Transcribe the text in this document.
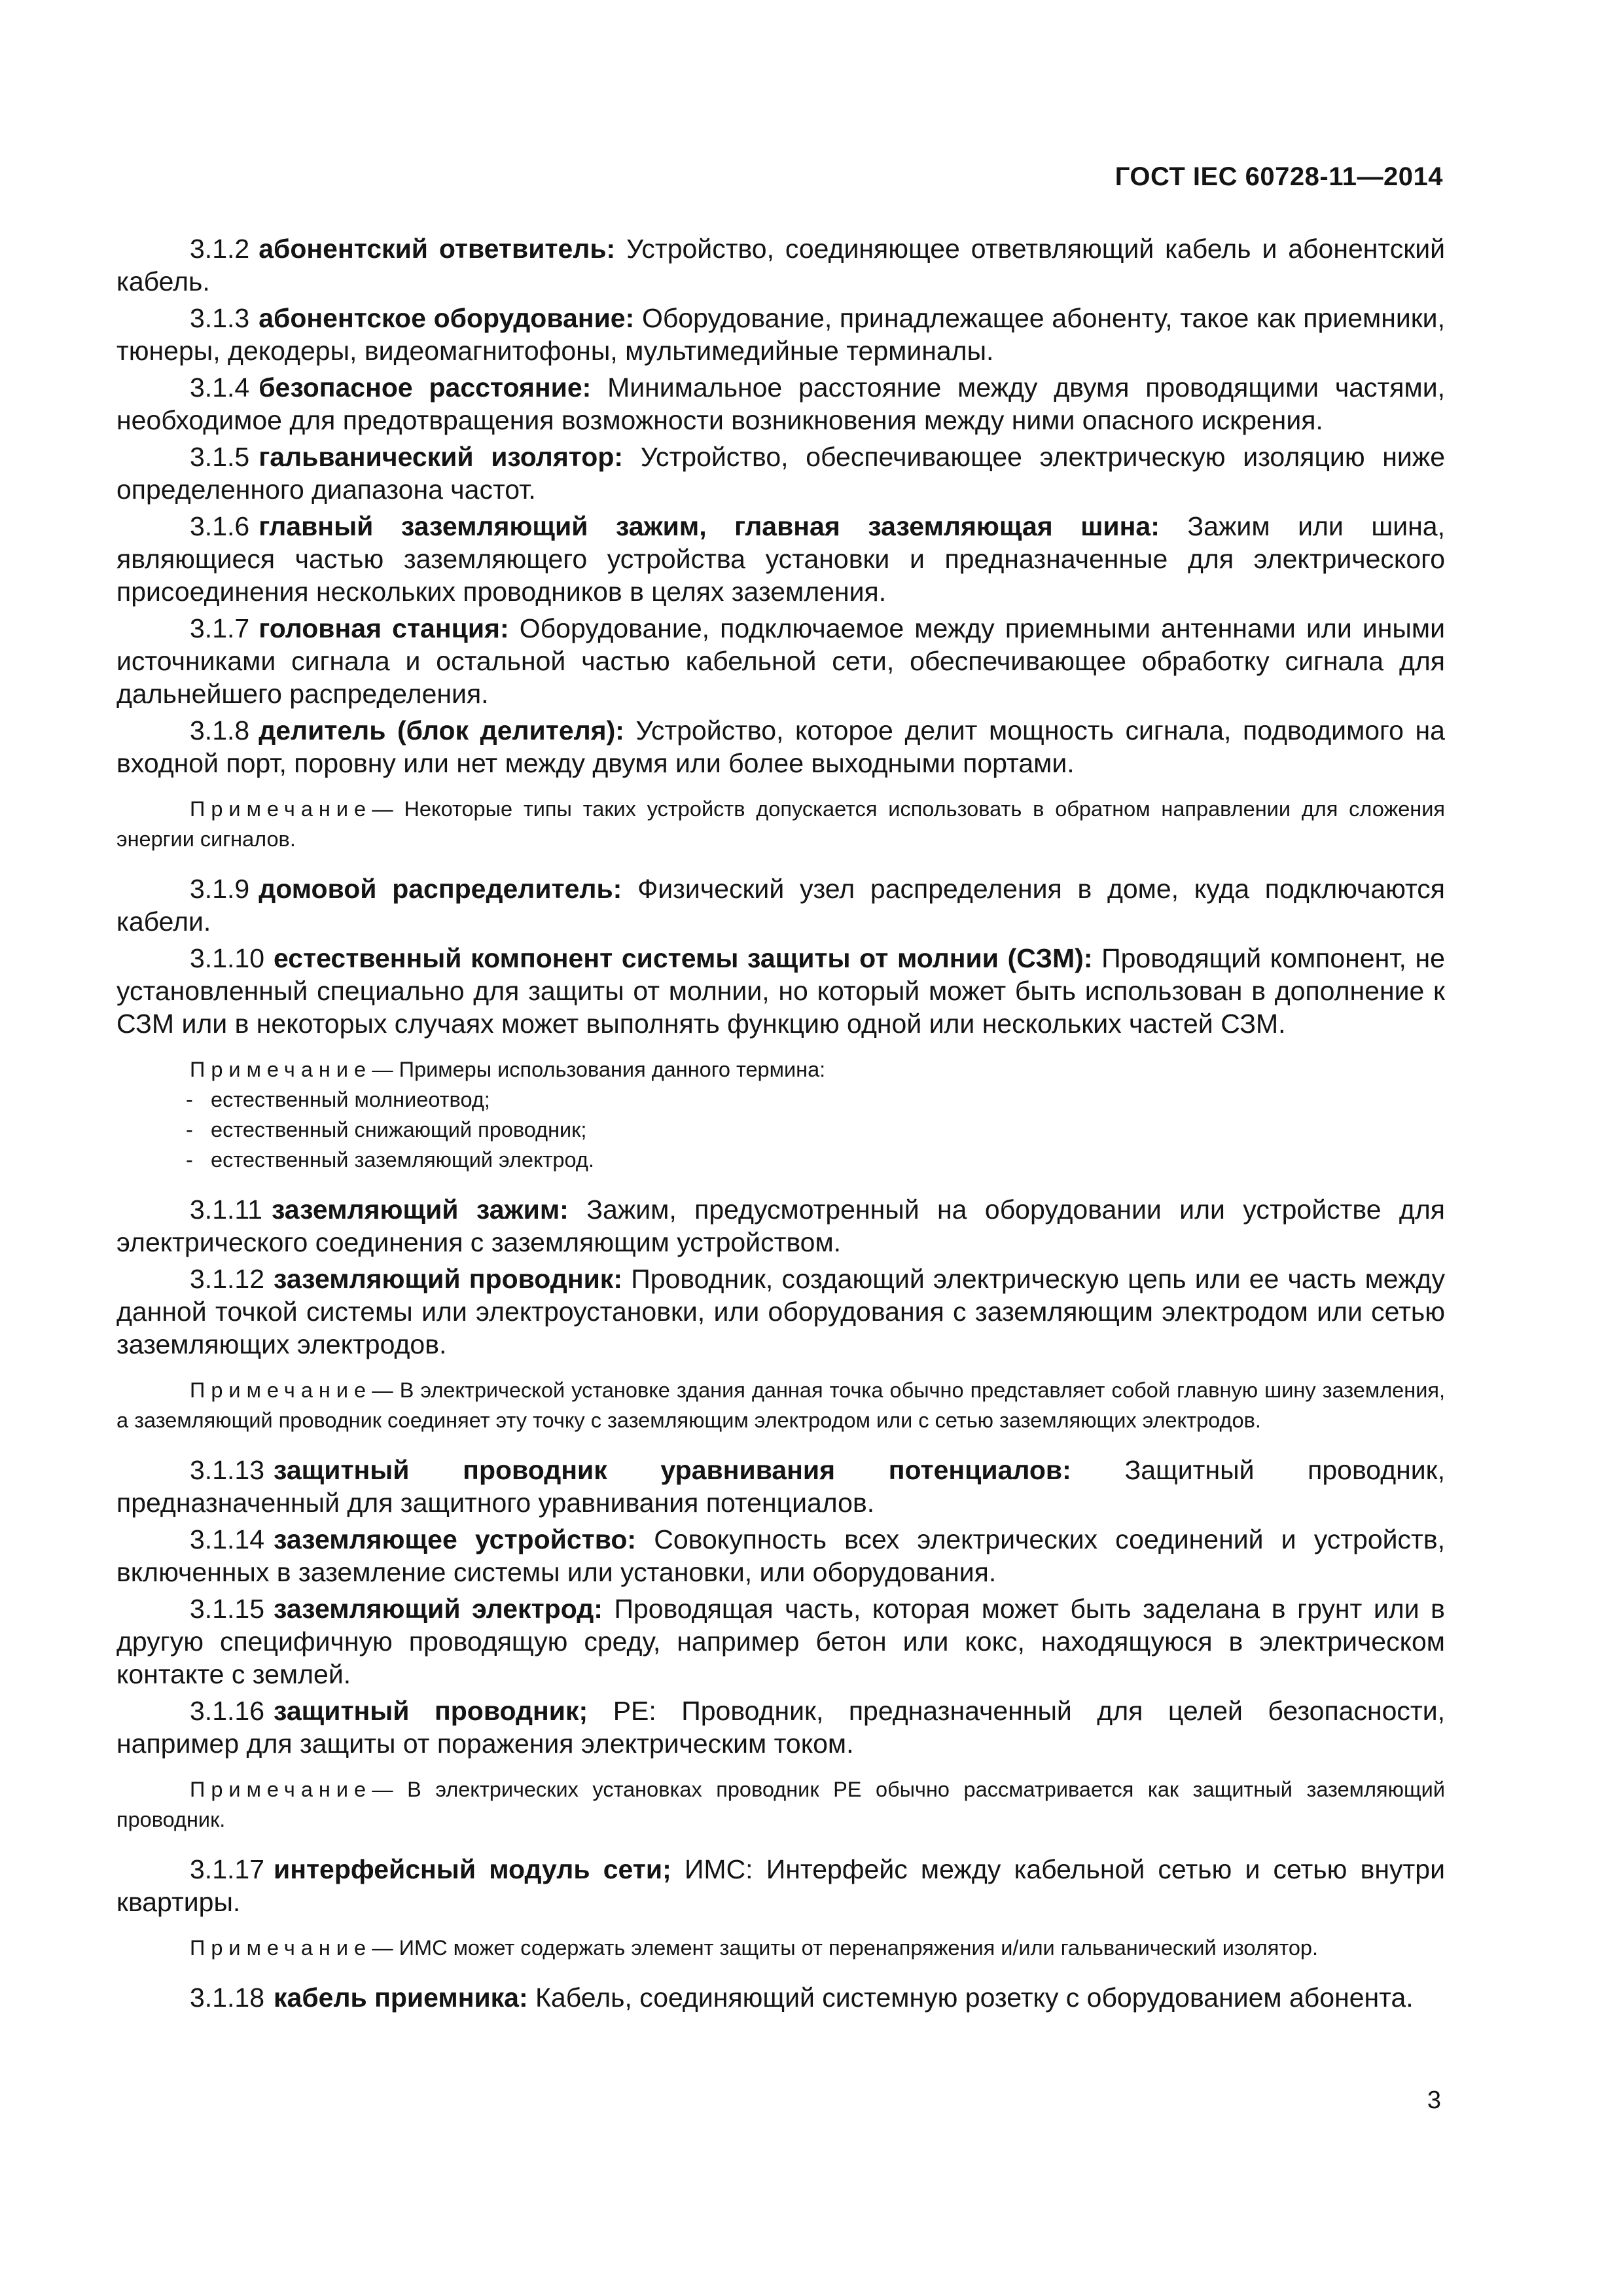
ГОСТ IEC 60728-11—2014

3.1.2 абонентский ответвитель: Устройство, соединяющее ответвляющий кабель и абонентский кабель.

3.1.3 абонентское оборудование: Оборудование, принадлежащее абоненту, такое как приемники, тюнеры, декодеры, видеомагнитофоны, мультимедийные терминалы.

3.1.4 безопасное расстояние: Минимальное расстояние между двумя проводящими частями, необходимое для предотвращения возможности возникновения между ними опасного искрения.

3.1.5 гальванический изолятор: Устройство, обеспечивающее электрическую изоляцию ниже определенного диапазона частот.

3.1.6 главный заземляющий зажим, главная заземляющая шина: Зажим или шина, являющиеся частью заземляющего устройства установки и предназначенные для электрического присоединения нескольких проводников в целях заземления.

3.1.7 головная станция: Оборудование, подключаемое между приемными антеннами или иными источниками сигнала и остальной частью кабельной сети, обеспечивающее обработку сигнала для дальнейшего распределения.

3.1.8 делитель (блок делителя): Устройство, которое делит мощность сигнала, подводимого на входной порт, поровну или нет между двумя или более выходными портами.

Примечание— Некоторые типы таких устройств допускается использовать в обратном направлении для сложения энергии сигналов.

3.1.9 домовой распределитель: Физический узел распределения в доме, куда подключаются кабели.

3.1.10 естественный компонент системы защиты от молнии (СЗМ): Проводящий компонент, не установленный специально для защиты от молнии, но который может быть использован в дополнение к СЗМ или в некоторых случаях может выполнять функцию одной или нескольких частей СЗМ.

Примечание— Примеры использования данного термина:
- естественный молниеотвод;
- естественный снижающий проводник;
- естественный заземляющий электрод.

3.1.11 заземляющий зажим: Зажим, предусмотренный на оборудовании или устройстве для электрического соединения с заземляющим устройством.

3.1.12 заземляющий проводник: Проводник, создающий электрическую цепь или ее часть между данной точкой системы или электроустановки, или оборудования с заземляющим электродом или сетью заземляющих электродов.

Примечание— В электрической установке здания данная точка обычно представляет собой главную шину заземления, а заземляющий проводник соединяет эту точку с заземляющим электродом или с сетью заземляющих электродов.

3.1.13 защитный проводник уравнивания потенциалов: Защитный проводник, предназначенный для защитного уравнивания потенциалов.

3.1.14 заземляющее устройство: Совокупность всех электрических соединений и устройств, включенных в заземление системы или установки, или оборудования.

3.1.15 заземляющий электрод: Проводящая часть, которая может быть заделана в грунт или в другую специфичную проводящую среду, например бетон или кокс, находящуюся в электрическом контакте с землей.

3.1.16 защитный проводник; PE: Проводник, предназначенный для целей безопасности, например для защиты от поражения электрическим током.

Примечание— В электрических установках проводник PE обычно рассматривается как защитный заземляющий проводник.

3.1.17 интерфейсный модуль сети; ИМС: Интерфейс между кабельной сетью и сетью внутри квартиры.

Примечание— ИМС может содержать элемент защиты от перенапряжения и/или гальванический изолятор.

3.1.18 кабель приемника: Кабель, соединяющий системную розетку с оборудованием абонента.

3
